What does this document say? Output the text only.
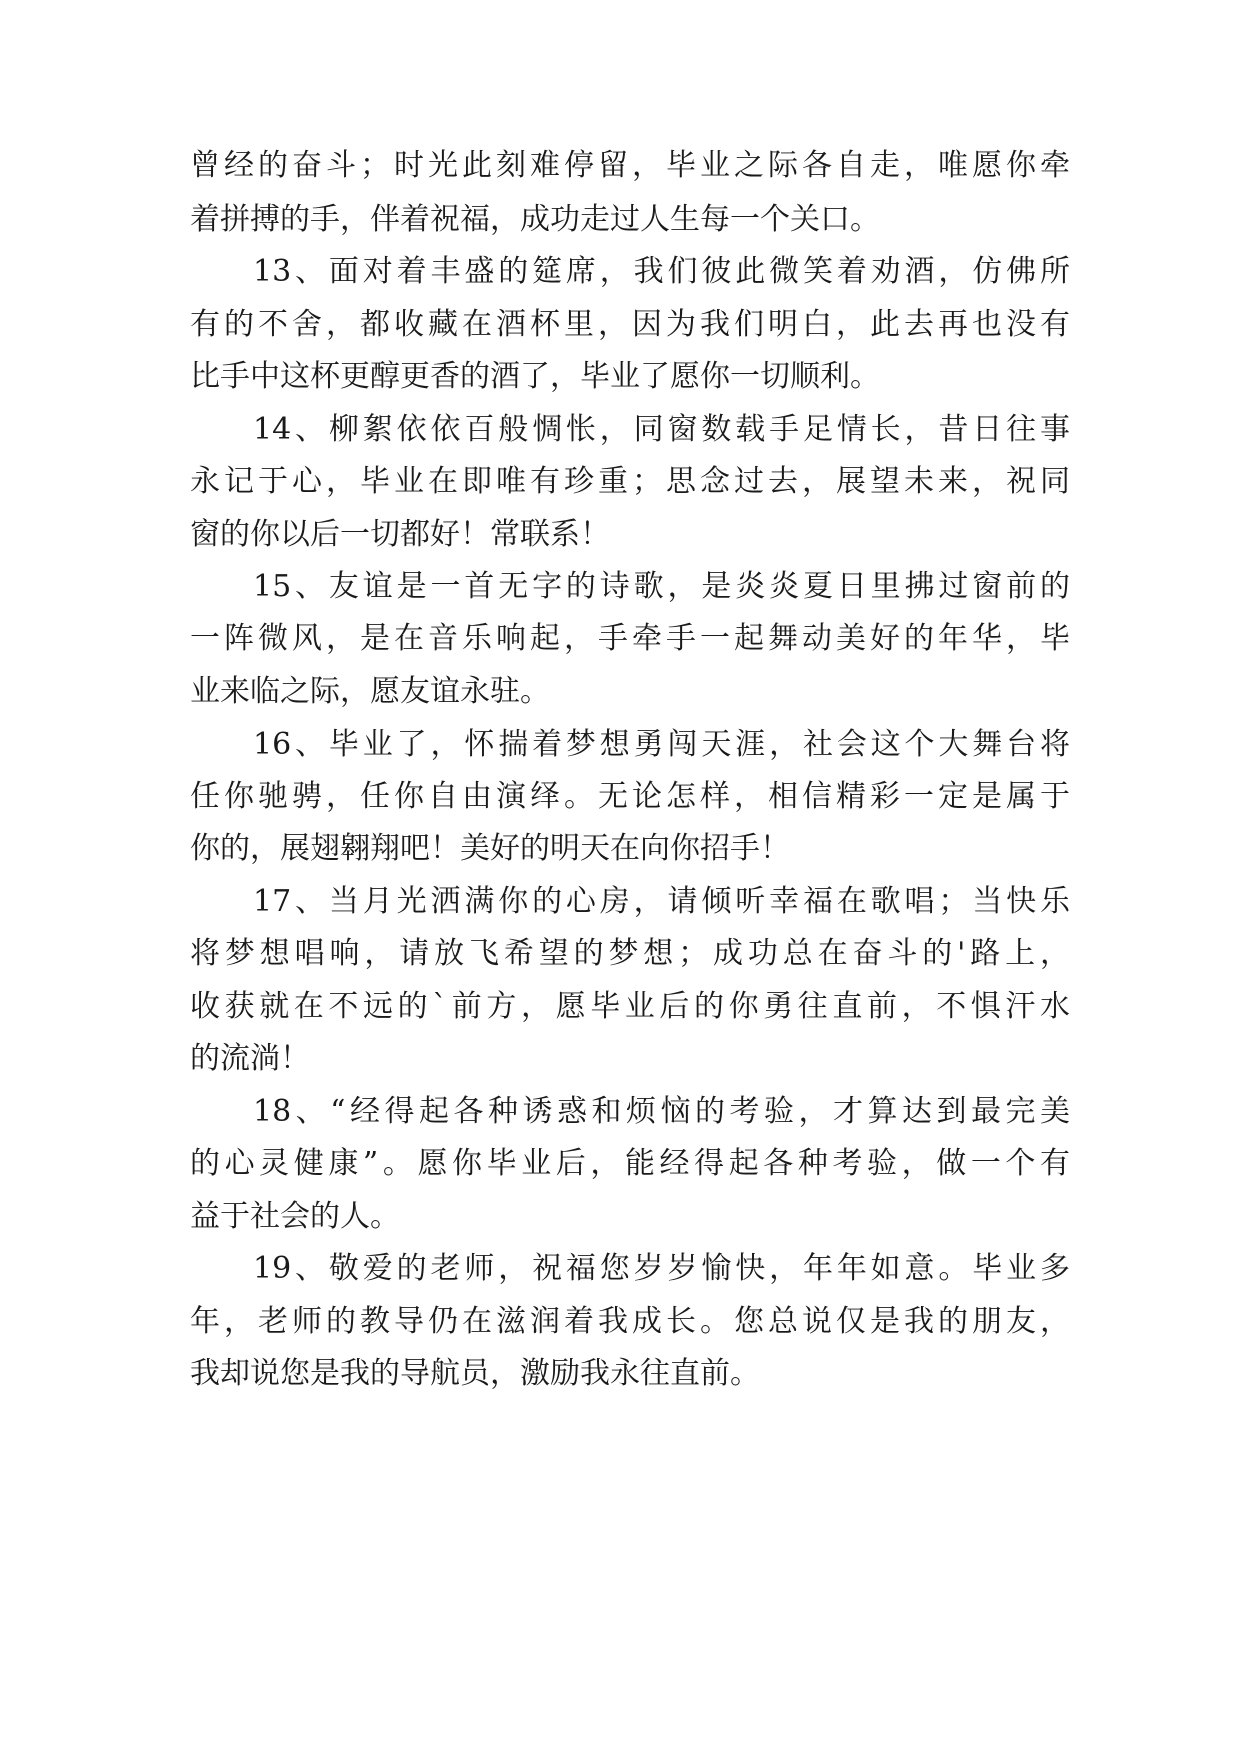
曾经的奋斗；时光此刻难停留，毕业之际各自走，唯愿你牵
着拼搏的手，伴着祝福，成功走过人生每一个关口。
13、面对着丰盛的筵席，我们彼此微笑着劝酒，仿佛所
有的不舍，都收藏在酒杯里，因为我们明白，此去再也没有
比手中这杯更醇更香的酒了，毕业了愿你一切顺利。
14、柳絮依依百般惆怅，同窗数载手足情长，昔日往事
永记于心，毕业在即唯有珍重；思念过去，展望未来，祝同
窗的你以后一切都好！常联系！
15、友谊是一首无字的诗歌，是炎炎夏日里拂过窗前的
一阵微风，是在音乐响起，手牵手一起舞动美好的年华，毕
业来临之际，愿友谊永驻。
16、毕业了，怀揣着梦想勇闯天涯，社会这个大舞台将
任你驰骋，任你自由演绎。无论怎样，相信精彩一定是属于
你的，展翅翱翔吧！美好的明天在向你招手！
17、当月光洒满你的心房，请倾听幸福在歌唱；当快乐
将梦想唱响，请放飞希望的梦想；成功总在奋斗的'路上，
收获就在不远的`前方，愿毕业后的你勇往直前，不惧汗水
的流淌！
18、“经得起各种诱惑和烦恼的考验，才算达到最完美
的心灵健康”。愿你毕业后，能经得起各种考验，做一个有
益于社会的人。
19、敬爱的老师，祝福您岁岁愉快，年年如意。毕业多
年，老师的教导仍在滋润着我成长。您总说仅是我的朋友，
我却说您是我的导航员，激励我永往直前。
